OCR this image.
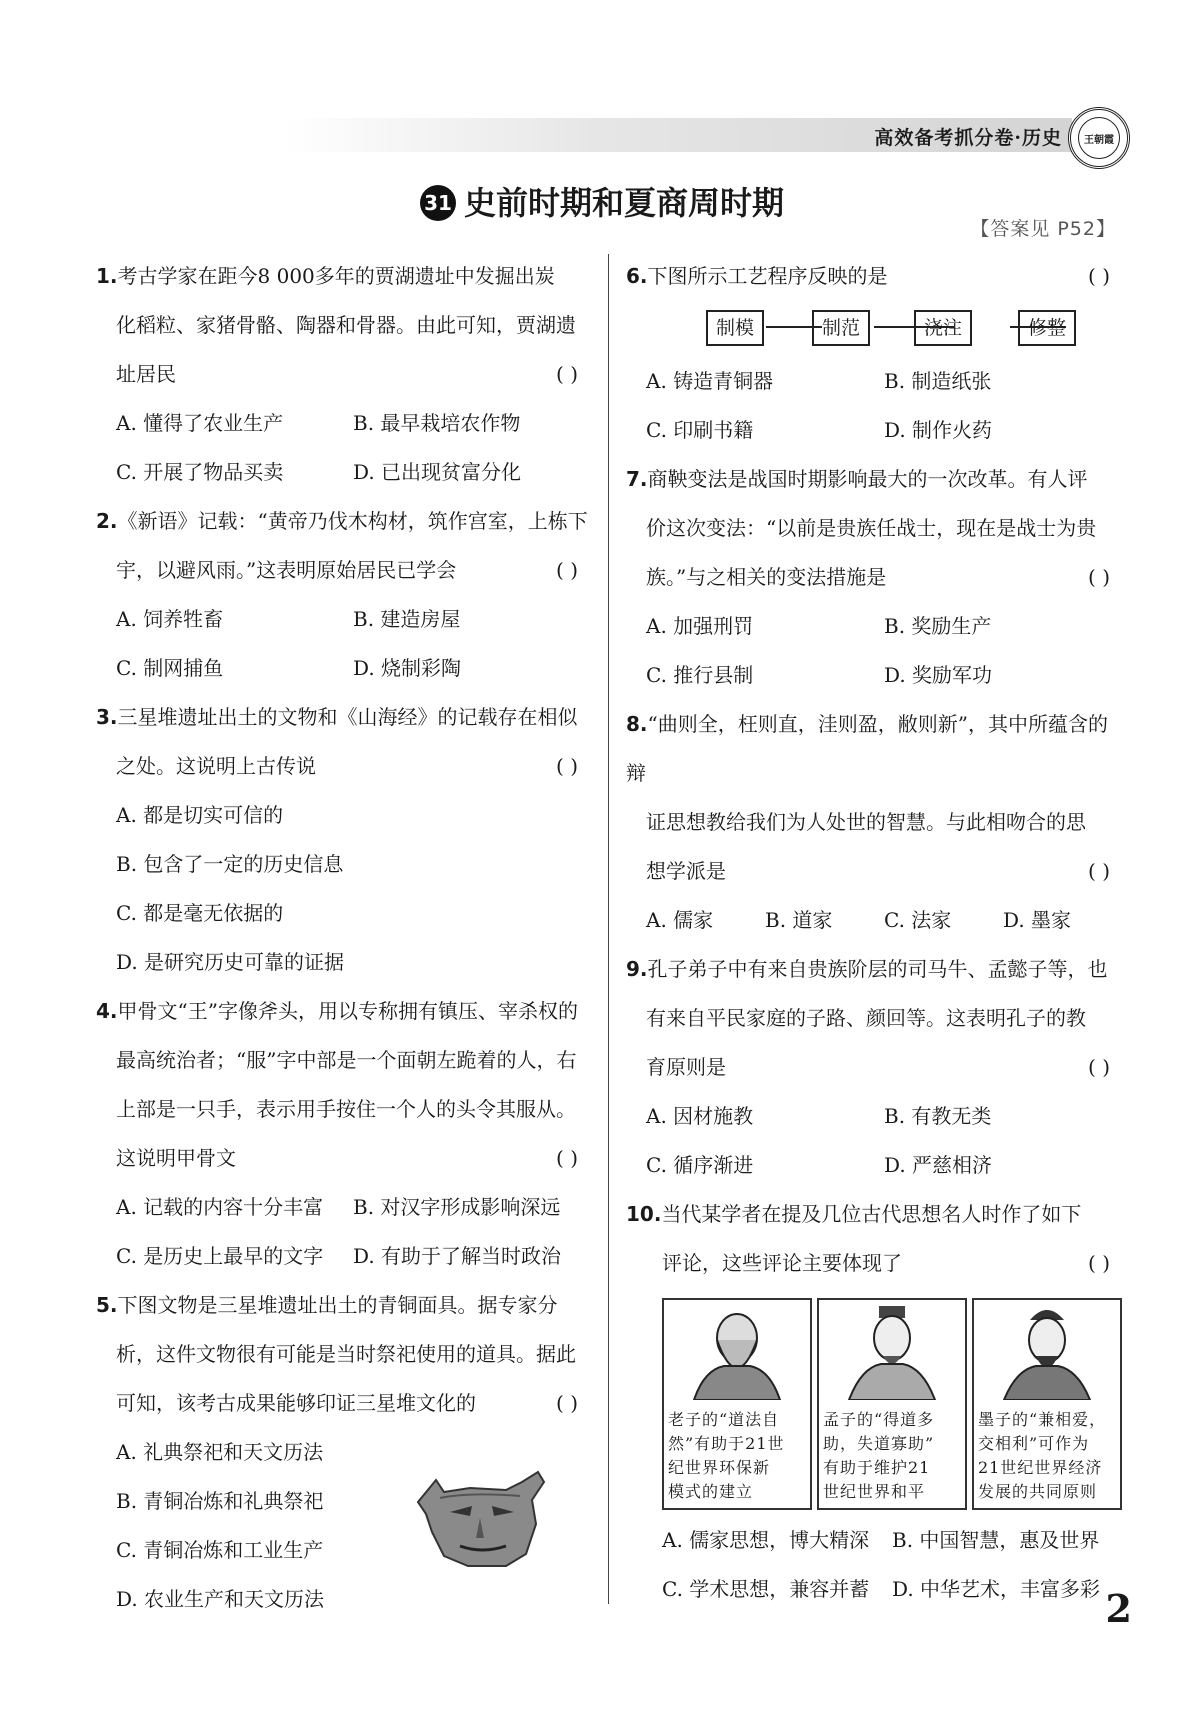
高效备考抓分卷·历史	王朝霞
31 史前时期和夏商周时期
【答案见 P52】
1.考古学家在距今8 000多年的贾湖遗址中发掘出炭
化稻粒、家猪骨骼、陶器和骨器。由此可知，贾湖遗
址居民	( )
A. 懂得了农业生产	B. 最早栽培农作物
C. 开展了物品买卖	D. 已出现贫富分化
2.《新语》记载：“黄帝乃伐木构材，筑作宫室，上栋下
宇，以避风雨。”这表明原始居民已学会	( )
A. 饲养牲畜	B. 建造房屋
C. 制网捕鱼	D. 烧制彩陶
3.三星堆遗址出土的文物和《山海经》的记载存在相似
之处。这说明上古传说	( )
A. 都是切实可信的
B. 包含了一定的历史信息
C. 都是毫无依据的
D. 是研究历史可靠的证据
4.甲骨文“王”字像斧头，用以专称拥有镇压、宰杀权的
最高统治者；“服”字中部是一个面朝左跪着的人，右
上部是一只手，表示用手按住一个人的头令其服从。
这说明甲骨文	( )
A. 记载的内容十分丰富	B. 对汉字形成影响深远
C. 是历史上最早的文字	D. 有助于了解当时政治
5.下图文物是三星堆遗址出土的青铜面具。据专家分
析，这件文物很有可能是当时祭祀使用的道具。据此
可知，该考古成果能够印证三星堆文化的	( )
A. 礼典祭祀和天文历法
B. 青铜冶炼和礼典祭祀
C. 青铜冶炼和工业生产
D. 农业生产和天文历法
6.下图所示工艺程序反映的是	( )
制模	制范	浇注	修整
A. 铸造青铜器	B. 制造纸张
C. 印刷书籍	D. 制作火药
7.商鞅变法是战国时期影响最大的一次改革。有人评
价这次变法：“以前是贵族任战士，现在是战士为贵
族。”与之相关的变法措施是	( )
A. 加强刑罚	B. 奖励生产
C. 推行县制	D. 奖励军功
8.“曲则全，枉则直，洼则盈，敝则新”，其中所蕴含的辩
证思想教给我们为人处世的智慧。与此相吻合的思
想学派是	( )
A. 儒家	B. 道家	C. 法家	D. 墨家
9.孔子弟子中有来自贵族阶层的司马牛、孟懿子等，也
有来自平民家庭的子路、颜回等。这表明孔子的教
育原则是	( )
A. 因材施教	B. 有教无类
C. 循序渐进	D. 严慈相济
10.当代某学者在提及几位古代思想名人时作了如下
评论，这些评论主要体现了	( )
老子的“道法自
然”有助于21世
纪世界环保新
模式的建立
孟子的“得道多
助，失道寡助”
有助于维护21
世纪世界和平
墨子的“兼相爱，
交相利”可作为
21世纪世界经济
发展的共同原则
A. 儒家思想，博大精深	B. 中国智慧，惠及世界
C. 学术思想，兼容并蓄	D. 中华艺术，丰富多彩 2
